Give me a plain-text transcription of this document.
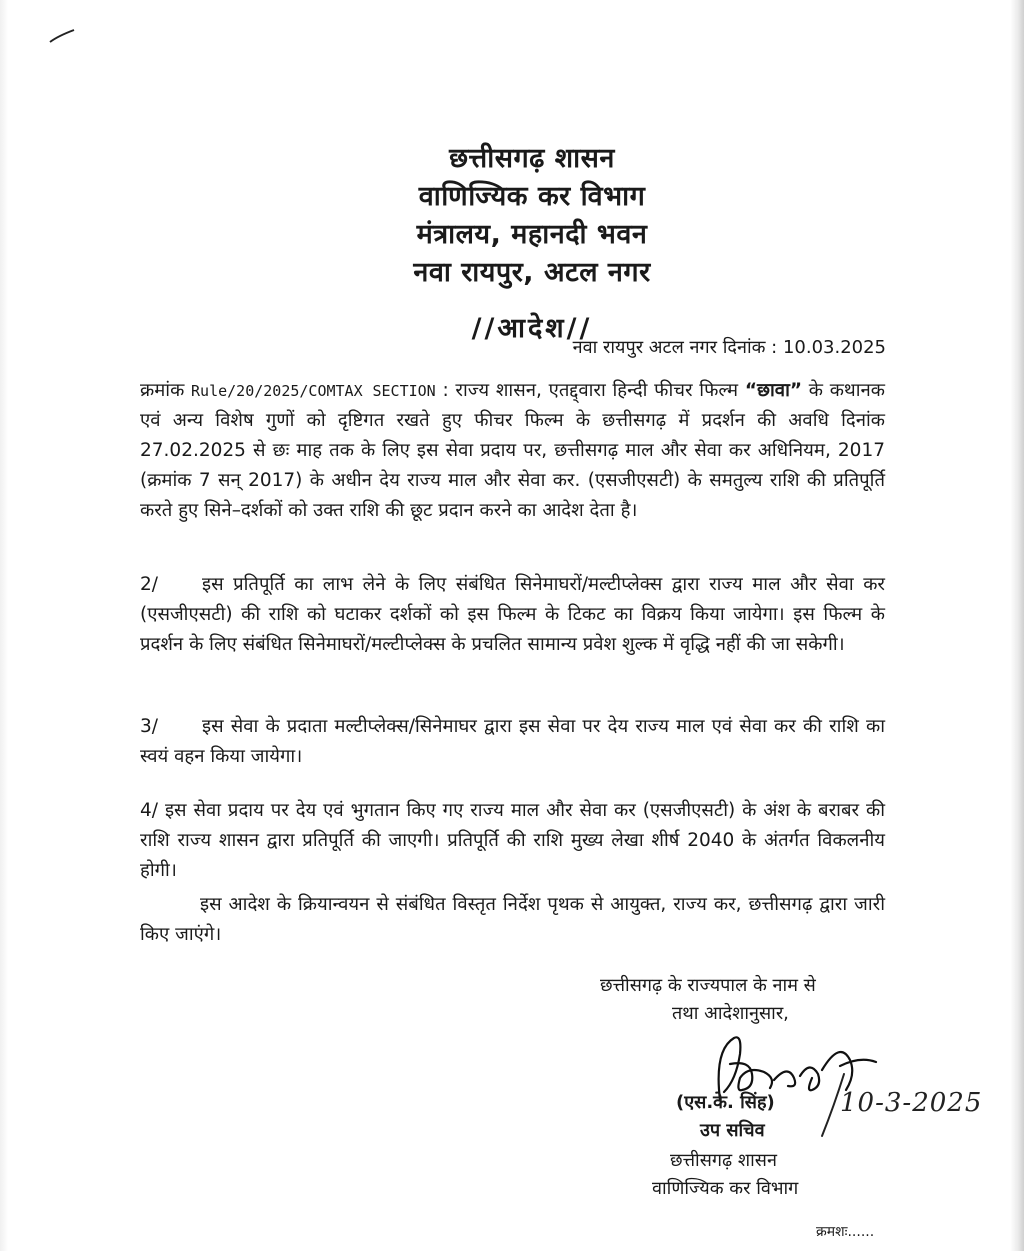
छत्तीसगढ़ शासन
वाणिज्यिक कर विभाग
मंत्रालय, महानदी भवन
नवा रायपुर, अटल नगर
//आदेश//
नवा रायपुर अटल नगर दिनांक : 10.03.2025
क्रमांक Rule/20/2025/COMTAX SECTION : राज्य शासन, एतद्द्वारा हिन्दी फीचर फिल्म “छावा” के कथानक एवं अन्य विशेष गुणों को दृष्टिगत रखते हुए फीचर फिल्म के छत्तीसगढ़ में प्रदर्शन की अवधि दिनांक 27.02.2025 से छः माह तक के लिए इस सेवा प्रदाय पर, छत्तीसगढ़ माल और सेवा कर अधिनियम, 2017 (क्रमांक 7 सन् 2017) के अधीन देय राज्य माल और सेवा कर. (एसजीएसटी) के समतुल्य राशि की प्रतिपूर्ति करते हुए सिने–दर्शकों को उक्त राशि की छूट प्रदान करने का आदेश देता है।
2/ इस प्रतिपूर्ति का लाभ लेने के लिए संबंधित सिनेमाघरों/मल्टीप्लेक्स द्वारा राज्य माल और सेवा कर (एसजीएसटी) की राशि को घटाकर दर्शकों को इस फिल्म के टिकट का विक्रय किया जायेगा। इस फिल्म के प्रदर्शन के लिए संबंधित सिनेमाघरों/मल्टीप्लेक्स के प्रचलित सामान्य प्रवेश शुल्क में वृद्धि नहीं की जा सकेगी।
3/ इस सेवा के प्रदाता मल्टीप्लेक्स/सिनेमाघर द्वारा इस सेवा पर देय राज्य माल एवं सेवा कर की राशि का स्वयं वहन किया जायेगा।
4/ इस सेवा प्रदाय पर देय एवं भुगतान किए गए राज्य माल और सेवा कर (एसजीएसटी) के अंश के बराबर की राशि राज्य शासन द्वारा प्रतिपूर्ति की जाएगी। प्रतिपूर्ति की राशि मुख्य लेखा शीर्ष 2040 के अंतर्गत विकलनीय होगी।
इस आदेश के क्रियान्वयन से संबंधित विस्तृत निर्देश पृथक से आयुक्त, राज्य कर, छत्तीसगढ़ द्वारा जारी किए जाएंगे।
छत्तीसगढ़ के राज्यपाल के नाम से
तथा आदेशानुसार,
(एस.के. सिंह)
उप सचिव
छत्तीसगढ़ शासन
वाणिज्यिक कर विभाग
10-3-2025
क्रमशः......
